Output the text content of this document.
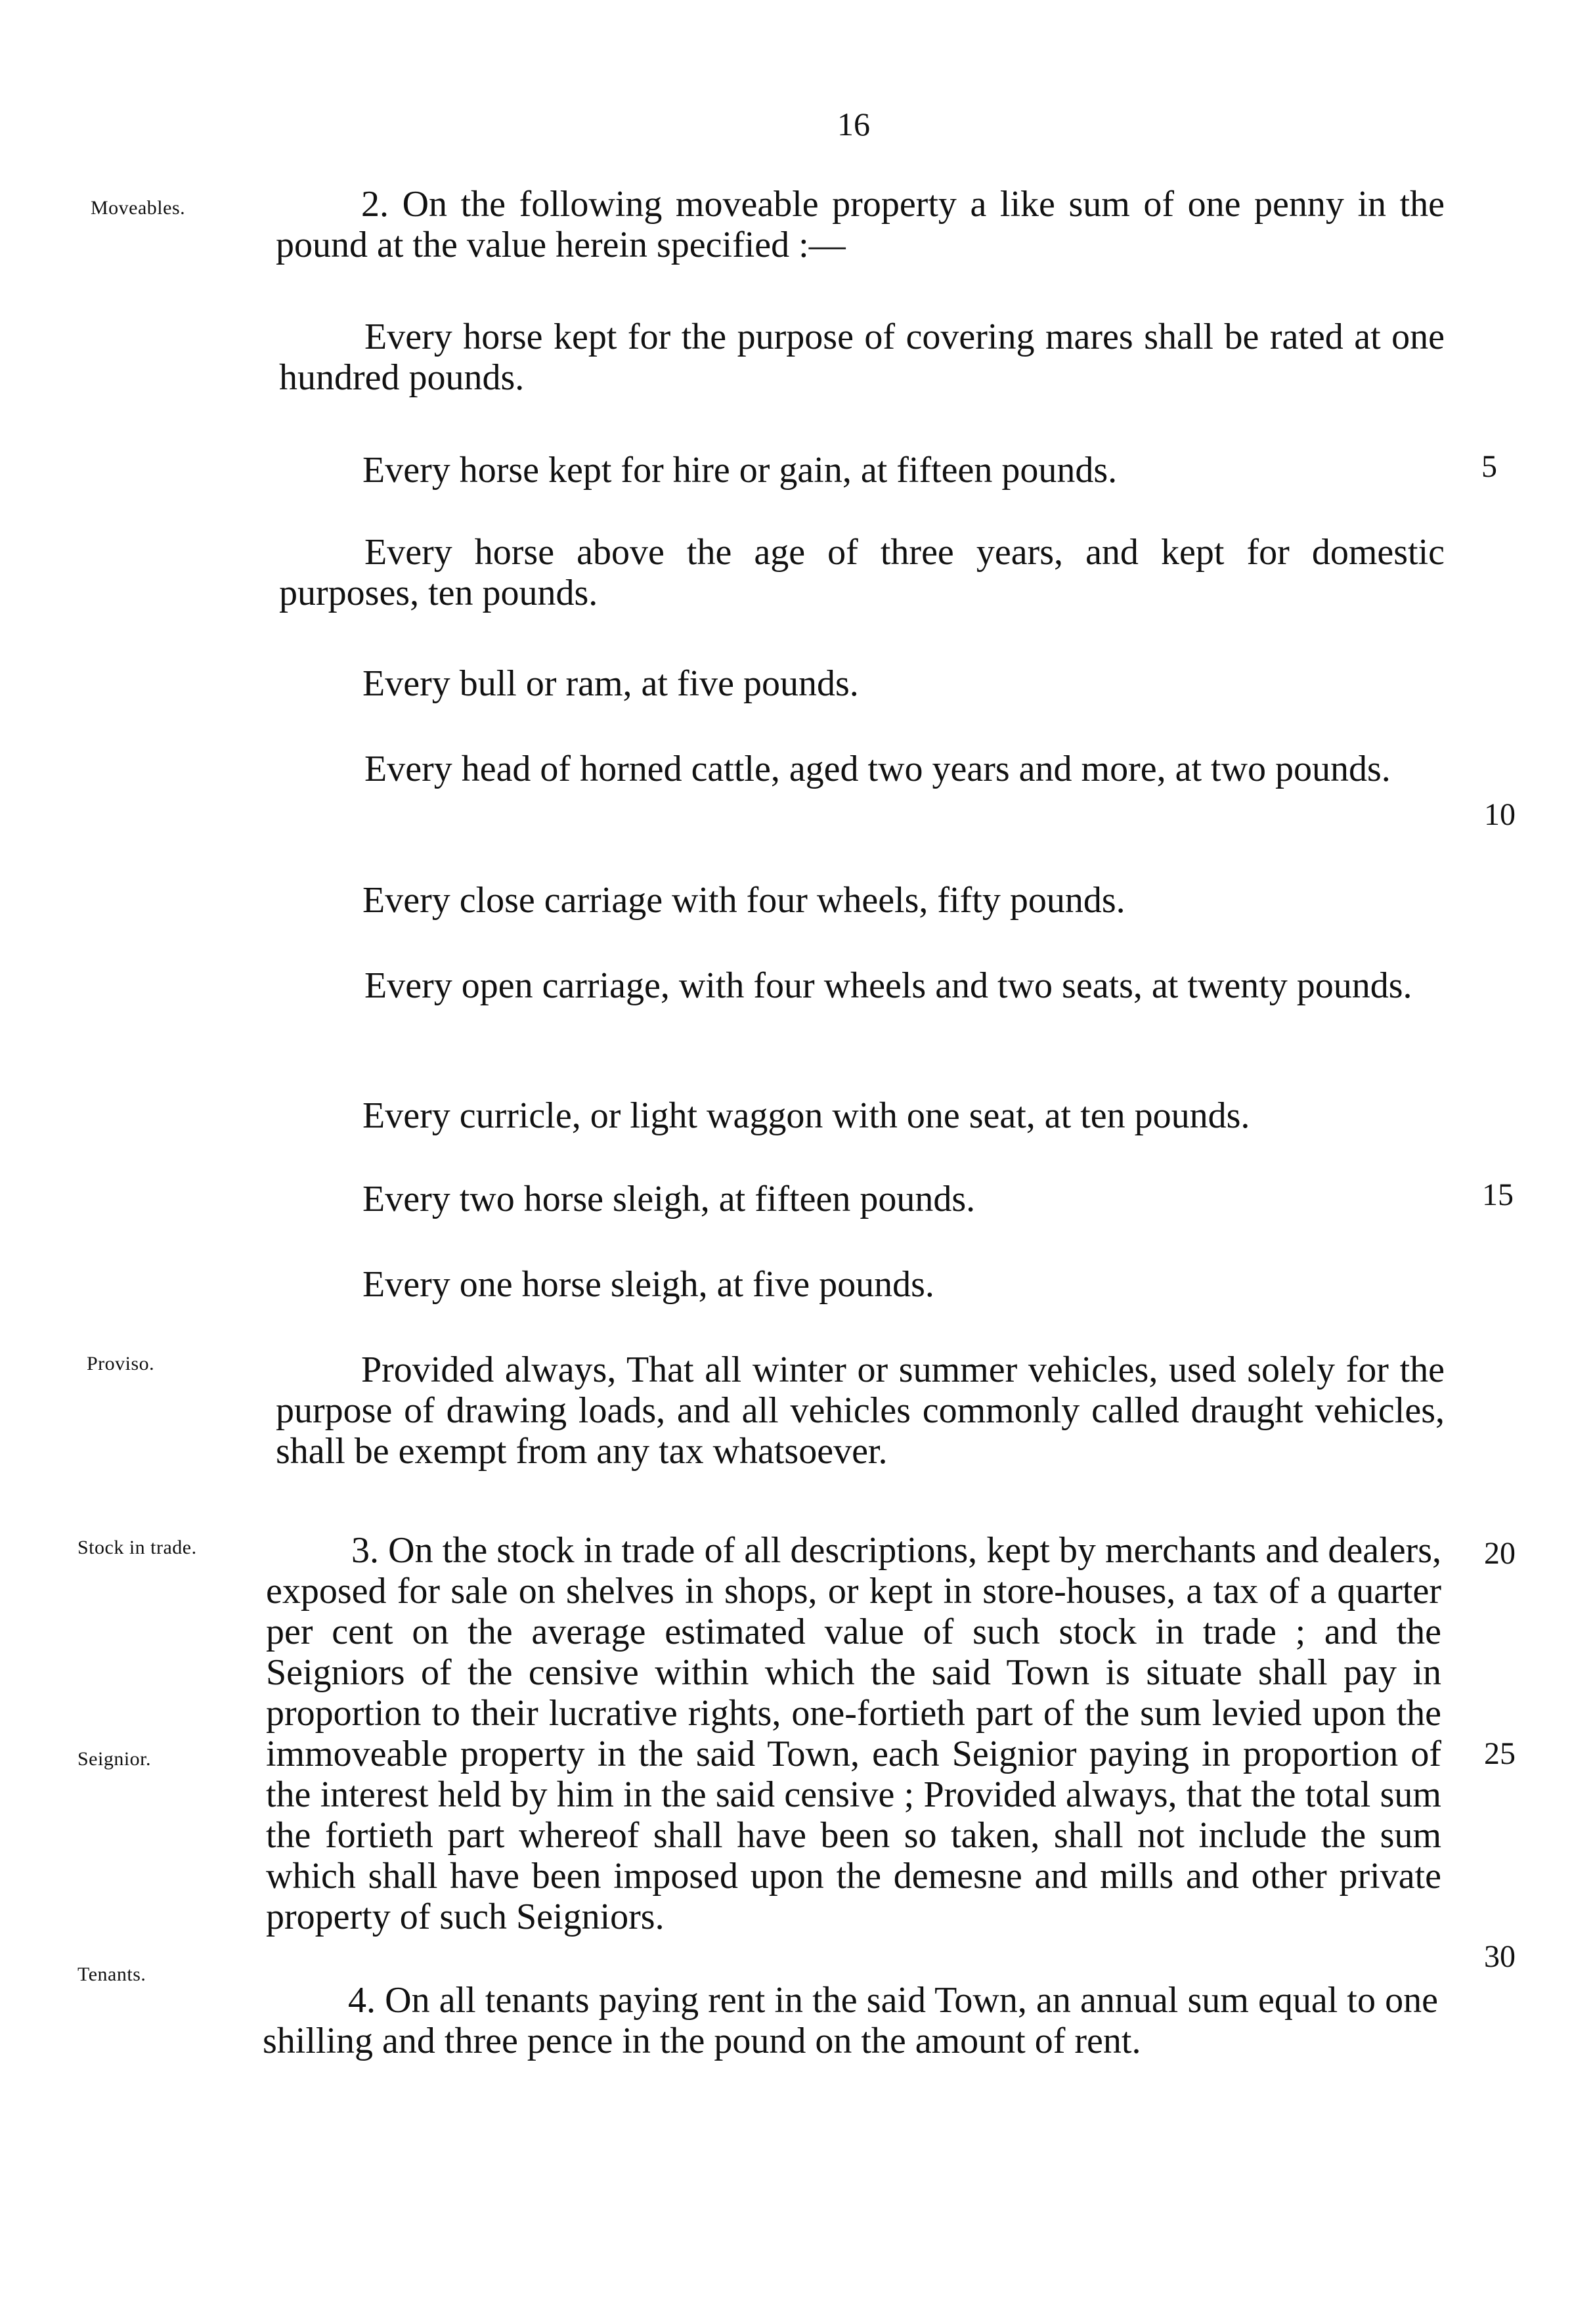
16
Moveables.
Proviso.
Stock in trade.
Seignior.
Tenants.
5
10
15
20
25
30
2. On the following moveable property a like sum of one penny in the pound at the value herein specified :—
Every horse kept for the purpose of covering mares shall be rated at one hundred pounds.
Every horse kept for hire or gain, at fifteen pounds.
Every horse above the age of three years, and kept for domestic purposes, ten pounds.
Every bull or ram, at five pounds.
Every head of horned cattle, aged two years and more, at two pounds.
Every close carriage with four wheels, fifty pounds.
Every open carriage, with four wheels and two seats, at twenty pounds.
Every curricle, or light waggon with one seat, at ten pounds.
Every two horse sleigh, at fifteen pounds.
Every one horse sleigh, at five pounds.
Provided always, That all winter or summer vehicles, used solely for the purpose of drawing loads, and all vehicles commonly called draught vehicles, shall be exempt from any tax whatsoever.
3. On the stock in trade of all descriptions, kept by merchants and dealers, exposed for sale on shelves in shops, or kept in store-houses, a tax of a quarter per cent on the average estimated value of such stock in trade ; and the Seigniors of the censive within which the said Town is situate shall pay in proportion to their lucrative rights, one-fortieth part of the sum levied upon the immoveable property in the said Town, each Seignior paying in proportion of the interest held by him in the said censive ; Provided always, that the total sum the fortieth part whereof shall have been so taken, shall not include the sum which shall have been imposed upon the demesne and mills and other private property of such Seigniors.
4. On all tenants paying rent in the said Town, an annual sum equal to one shilling and three pence in the pound on the amount of rent.
